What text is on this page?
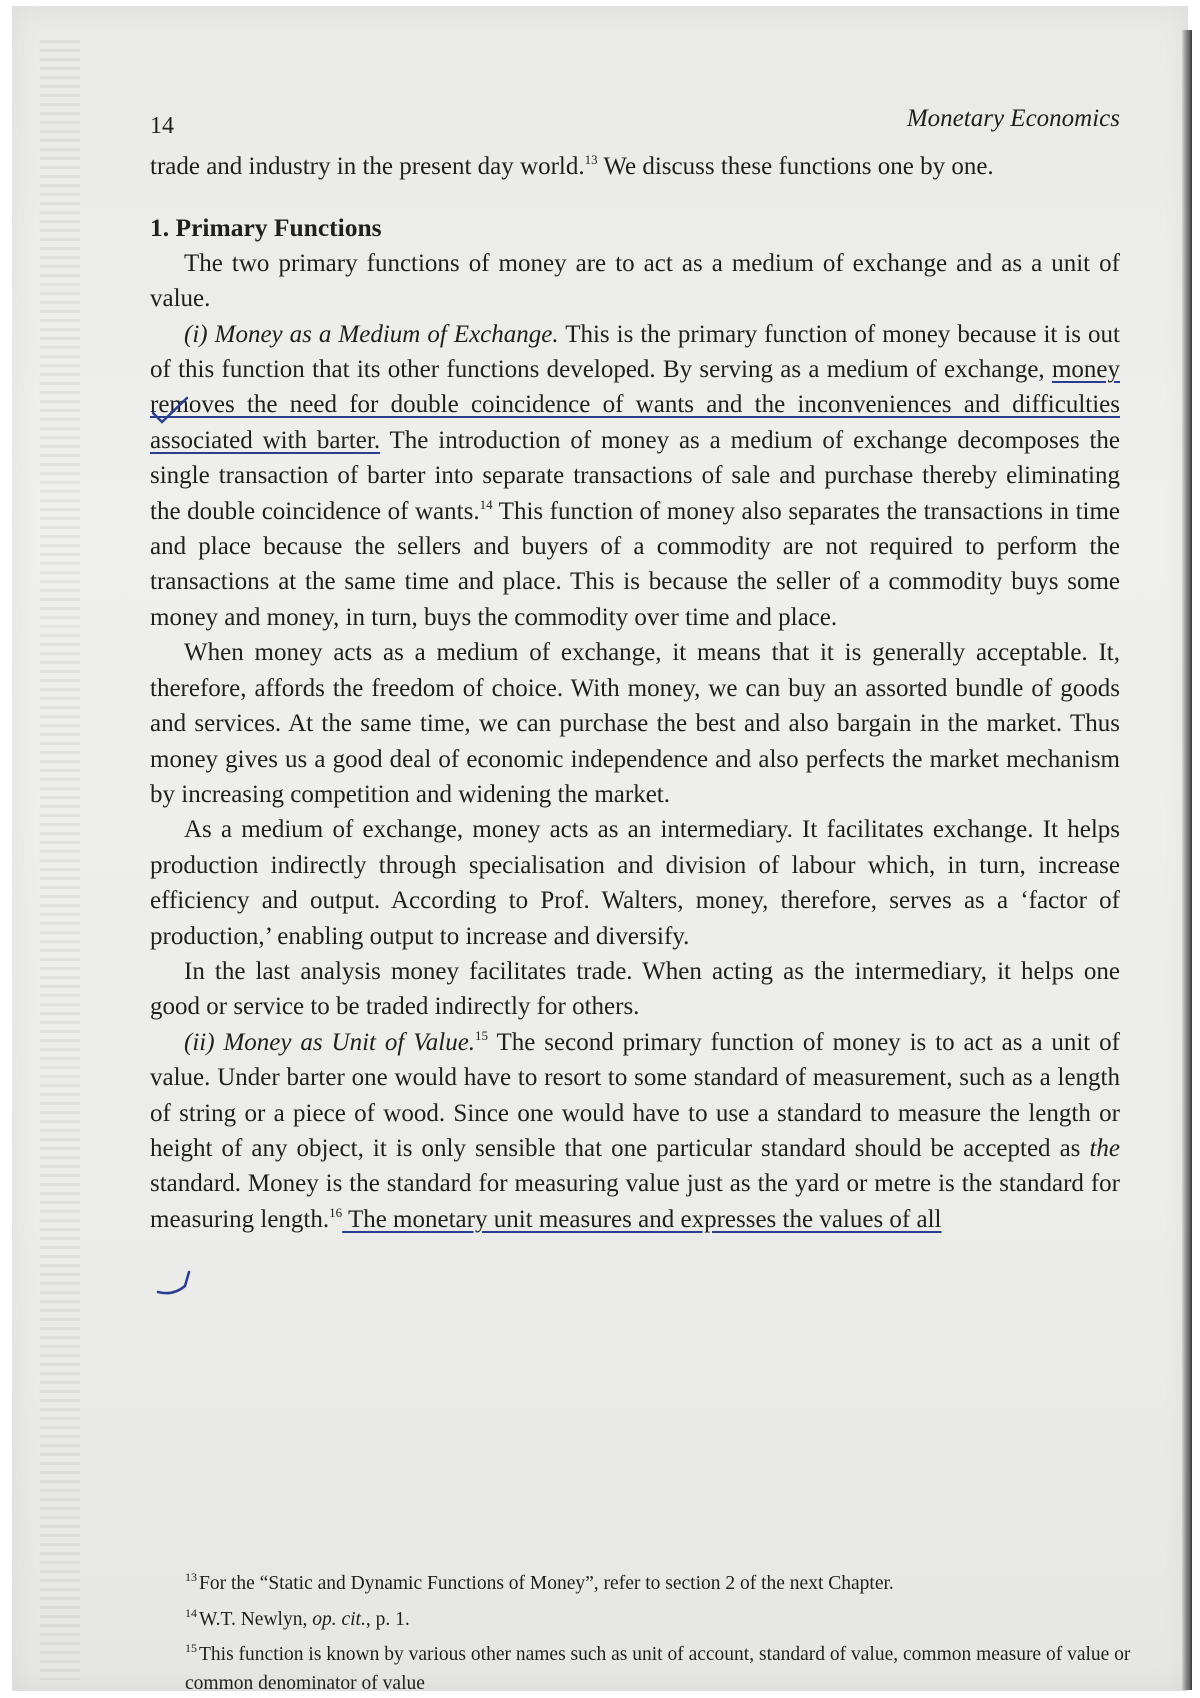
14	Monetary Economics

trade and industry in the present day world.$^{13}$ We discuss these functions one by one.

1. Primary Functions

The two primary functions of money are to act as a medium of exchange and as a unit of value.

(i) Money as a Medium of Exchange. This is the primary function of money because it is out of this function that its other functions developed. By serving as a medium of exchange, money removes the need for double coincidence of wants and the inconveniences and difficulties associated with barter. The introduction of money as a medium of exchange decomposes the single transaction of barter into separate transactions of sale and purchase thereby eliminating the double coincidence of wants.$^{14}$ This function of money also separates the transactions in time and place because the sellers and buyers of a commodity are not required to perform the transactions at the same time and place. This is because the seller of a commodity buys some money and money, in turn, buys the commodity over time and place.

When money acts as a medium of exchange, it means that it is generally acceptable. It, therefore, affords the freedom of choice. With money, we can buy an assorted bundle of goods and services. At the same time, we can purchase the best and also bargain in the market. Thus money gives us a good deal of economic independence and also perfects the market mechanism by increasing competition and widening the market.

As a medium of exchange, money acts as an intermediary. It facilitates exchange. It helps production indirectly through specialisation and division of labour which, in turn, increase efficiency and output. According to Prof. Walters, money, therefore, serves as a ‘factor of production,’ enabling output to increase and diversify.

In the last analysis money facilitates trade. When acting as the intermediary, it helps one good or service to be traded indirectly for others.

(ii) Money as Unit of Value.$^{15}$ The second primary function of money is to act as a unit of value. Under barter one would have to resort to some standard of measurement, such as a length of string or a piece of wood. Since one would have to use a standard to measure the length or height of any object, it is only sensible that one particular standard should be accepted as the standard. Money is the standard for measuring value just as the yard or metre is the standard for measuring length.$^{16}$ The monetary unit measures and expresses the values of all

$^{13}$ For the “Static and Dynamic Functions of Money”, refer to section 2 of the next Chapter.

$^{14}$ W.T. Newlyn, op. cit., p. 1.

$^{15}$ This function is known by various other names such as unit of account, standard of value, common measure of value or common denominator of value
